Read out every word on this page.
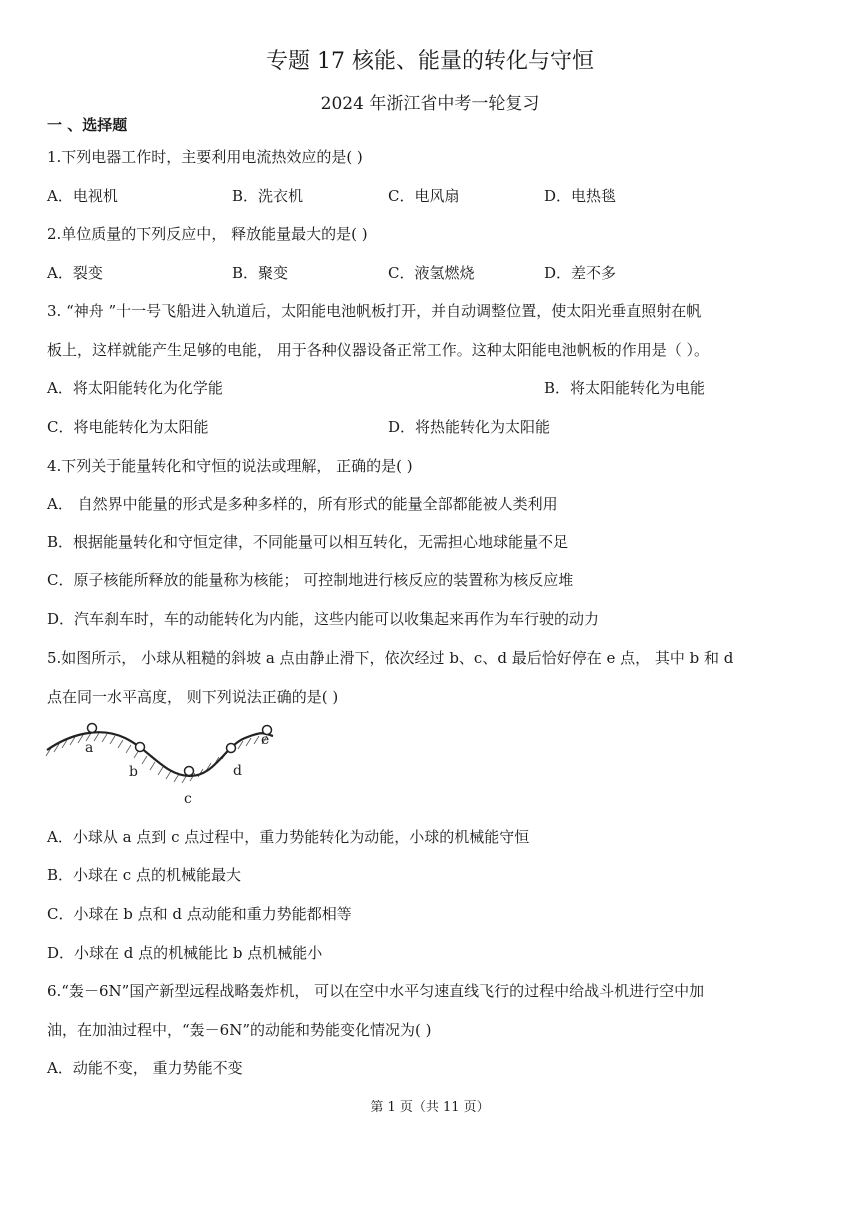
专题 17 核能、能量的转化与守恒
2024 年浙江省中考一轮复习
一 、选择题
1.下列电器工作时，主要利用电流热效应的是( )
A．电视机	B．洗衣机	C．电风扇	D．电热毯
2.单位质量的下列反应中， 释放能量最大的是( )
A．裂变	B．聚变	C．液氢燃烧	D．差不多
3. “神舟 ”十一号飞船进入轨道后，太阳能电池帆板打开，并自动调整位置，使太阳光垂直照射在帆
板上，这样就能产生足够的电能， 用于各种仪器设备正常工作。这种太阳能电池帆板的作用是（ ）。
A．将太阳能转化为化学能	B．将太阳能转化为电能
C．将电能转化为太阳能	D．将热能转化为太阳能
4.下列关于能量转化和守恒的说法或理解， 正确的是( )
A． 自然界中能量的形式是多种多样的，所有形式的能量全部都能被人类利用
B．根据能量转化和守恒定律，不同能量可以相互转化，无需担心地球能量不足
C．原子核能所释放的能量称为核能； 可控制地进行核反应的装置称为核反应堆
D．汽车刹车时，车的动能转化为内能，这些内能可以收集起来再作为车行驶的动力
5.如图所示， 小球从粗糙的斜坡 a 点由静止滑下，依次经过 b、c、d 最后恰好停在 e 点， 其中 b 和 d
点在同一水平高度， 则下列说法正确的是( )
a
b
c
d
e
A．小球从 a 点到 c 点过程中，重力势能转化为动能，小球的机械能守恒
B．小球在 c 点的机械能最大
C．小球在 b 点和 d 点动能和重力势能都相等
D．小球在 d 点的机械能比 b 点机械能小
6.“轰－6N”国产新型远程战略轰炸机， 可以在空中水平匀速直线飞行的过程中给战斗机进行空中加
油，在加油过程中，“轰－6N”的动能和势能变化情况为( )
A．动能不变， 重力势能不变
第 1 页（共 11 页）
